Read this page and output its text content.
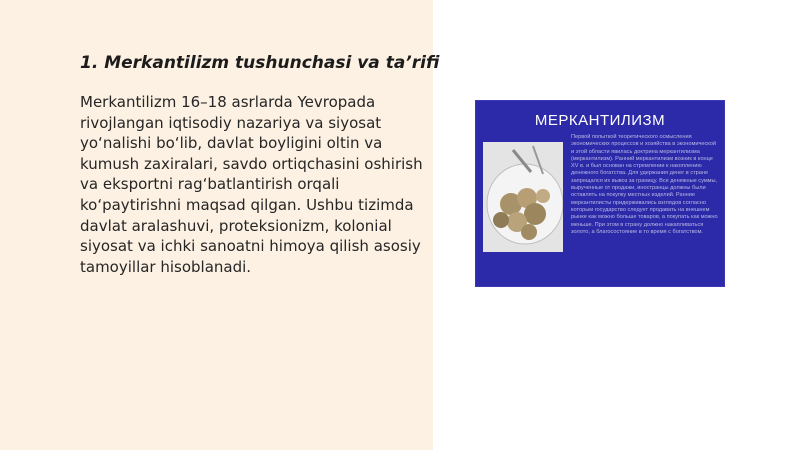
1. Merkantilizm tushunchasi va ta’rifi

Merkantilizm 16–18 asrlarda Yevropada rivojlangan iqtisodiy nazariya va siyosat yo‘nalishi bo‘lib, davlat boyligini oltin va kumush zaxiralari, savdo ortiqchasini oshirish va eksportni rag‘batlantirish orqali ko‘paytirishni maqsad qilgan. Ushbu tizimda davlat aralashuvi, proteksionizm, kolonial siyosat va ichki sanoatni himoya qilish asosiy tamoyillar hisoblanadi.

МЕРКАНТИЛИЗМ
Первой попыткой теоретического осмысления экономических процессов и хозяйства в экономической и этой области явилась доктрина меркантилизма (меркантилизм). Ранний меркантилизм возник в конце XV в. и был основан на стремлении к накоплению денежного богатства. Для удержания денег в стране запрещался их вывоз за границу. Все денежные суммы, вырученные от продажи, иностранцы должны были оставлять на покупку местных изделий. Ранние меркантилисты придерживались взглядов согласно которым государство следует продавать на внешнем рынке как можно больше товаров, а покупать как можно меньше. При этом в страну должно накапливаться золото, а благосостояние в то время с богатством.
